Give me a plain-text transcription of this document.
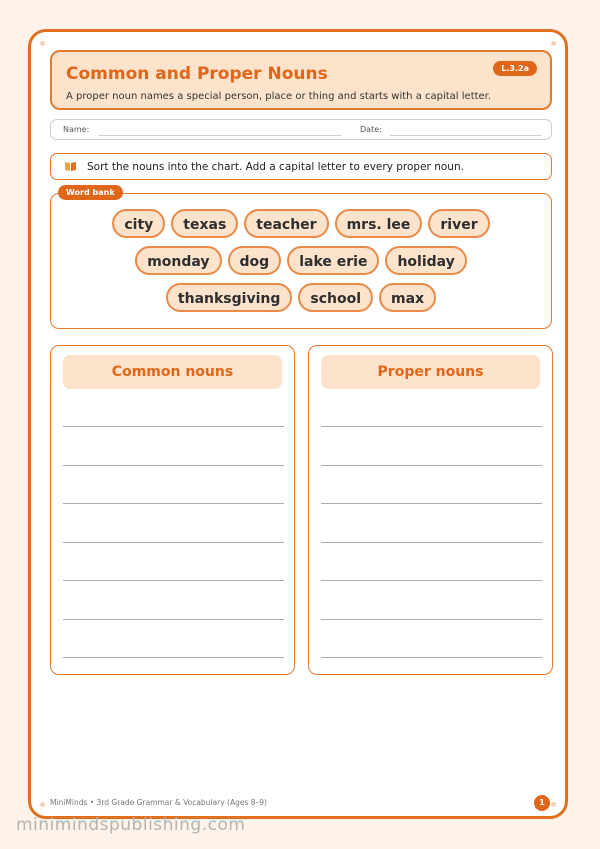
Common and Proper Nouns
A proper noun names a special person, place or thing and starts with a capital letter.
L.3.2a
Name:	Date:
Sort the nouns into the chart. Add a capital letter to every proper noun.
Word bank
city	texas	teacher	mrs. lee	river
monday	dog	lake erie	holiday
thanksgiving	school	max
Common nouns	Proper nouns
MiniMinds • 3rd Grade Grammar & Vocabulary (Ages 8–9)	1
minimindspublishing.com
